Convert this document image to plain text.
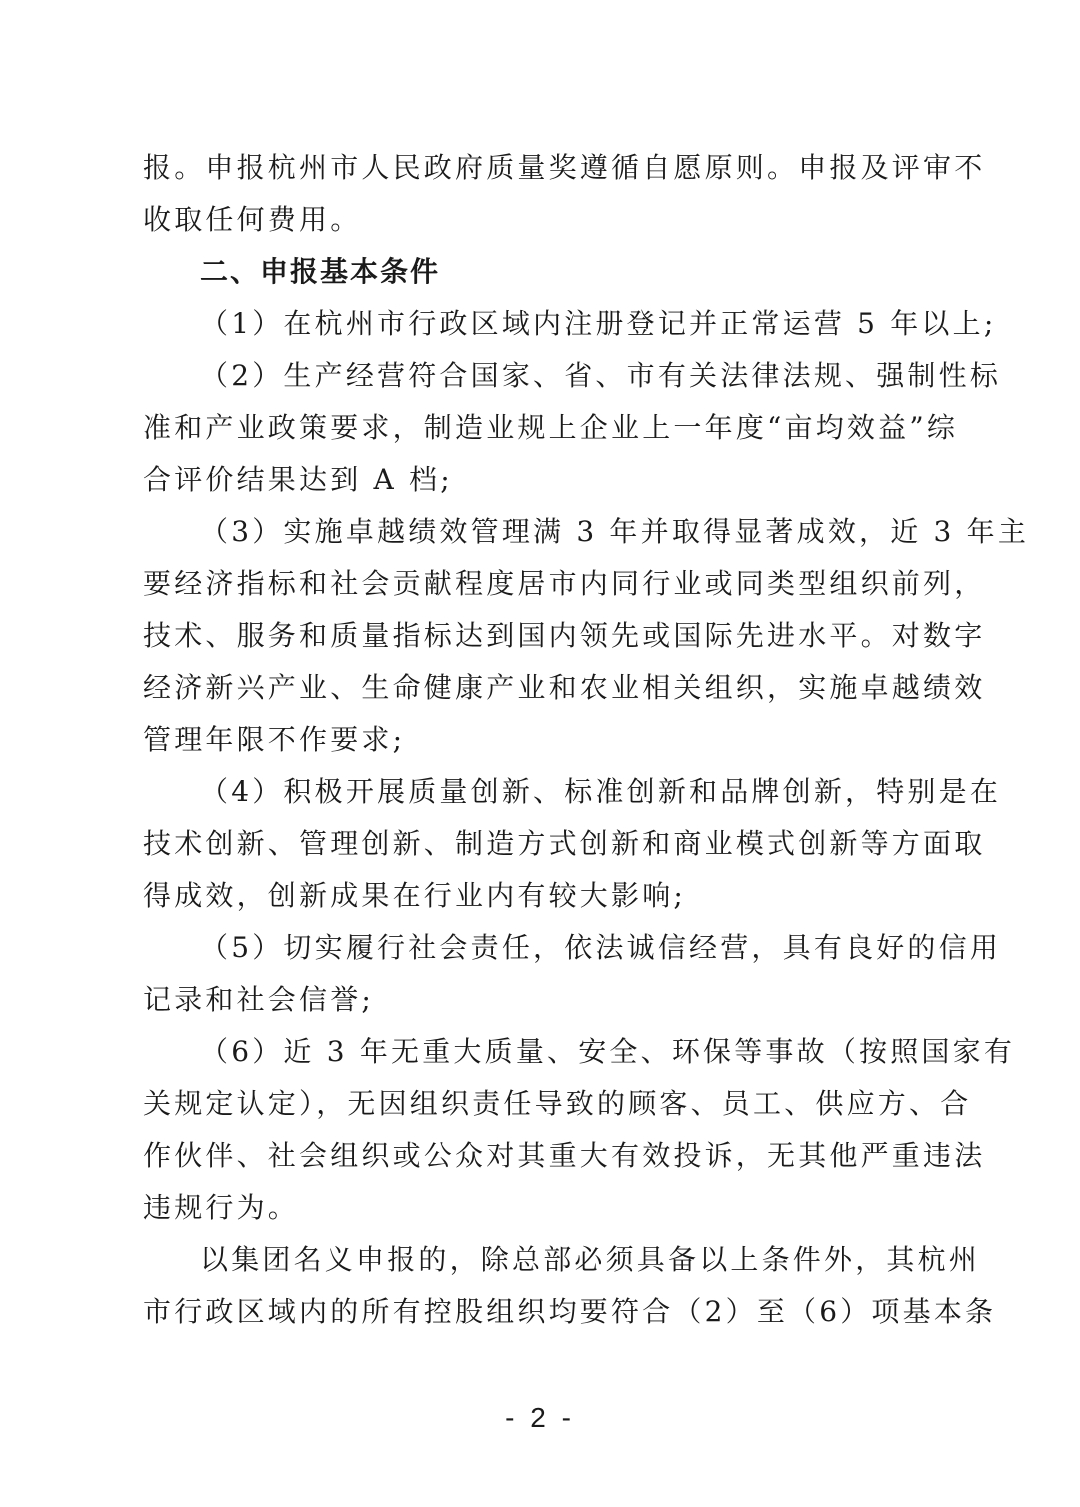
报。申报杭州市人民政府质量奖遵循自愿原则。申报及评审不
收取任何费用。
二、申报基本条件
（1）在杭州市行政区域内注册登记并正常运营 5 年以上;
（2）生产经营符合国家、省、市有关法律法规、强制性标
准和产业政策要求，制造业规上企业上一年度“亩均效益”综
合评价结果达到 A 档;
（3）实施卓越绩效管理满 3 年并取得显著成效，近 3 年主
要经济指标和社会贡献程度居市内同行业或同类型组织前列，
技术、服务和质量指标达到国内领先或国际先进水平。对数字
经济新兴产业、生命健康产业和农业相关组织，实施卓越绩效
管理年限不作要求;
（4）积极开展质量创新、标准创新和品牌创新，特别是在
技术创新、管理创新、制造方式创新和商业模式创新等方面取
得成效，创新成果在行业内有较大影响;
（5）切实履行社会责任，依法诚信经营，具有良好的信用
记录和社会信誉;
（6）近 3 年无重大质量、安全、环保等事故（按照国家有
关规定认定），无因组织责任导致的顾客、员工、供应方、合
作伙伴、社会组织或公众对其重大有效投诉，无其他严重违法
违规行为。
以集团名义申报的，除总部必须具备以上条件外，其杭州
市行政区域内的所有控股组织均要符合（2）至（6）项基本条
- 2 -
